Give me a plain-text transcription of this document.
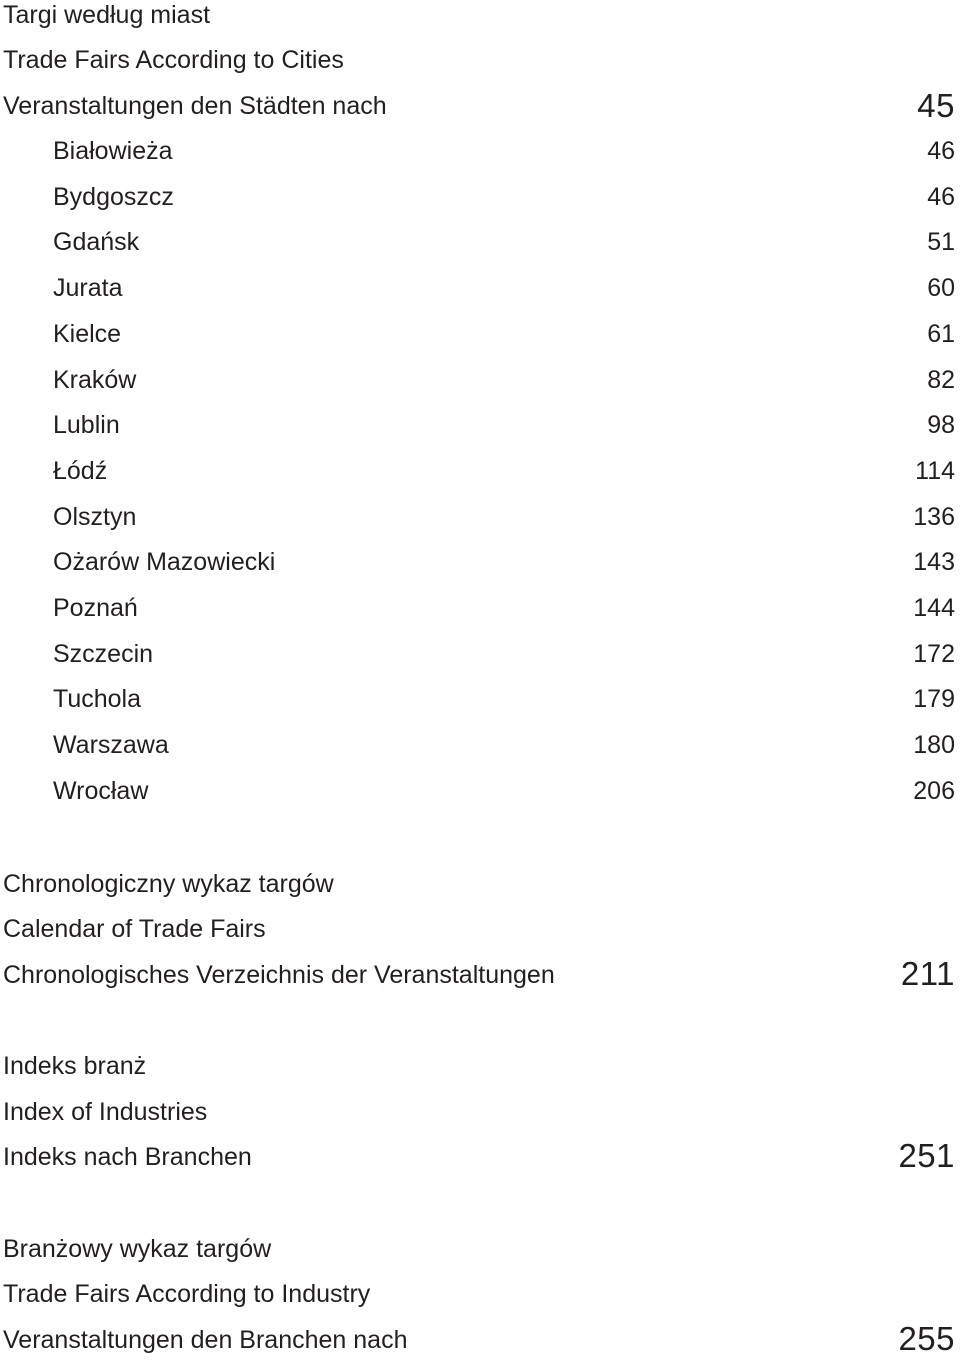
Targi według miast
Trade Fairs According to Cities
Veranstaltungen den Städten nach	45
Białowieża	46
Bydgoszcz	46
Gdańsk	51
Jurata	60
Kielce	61
Kraków	82
Lublin	98
Łódź	114
Olsztyn	136
Ożarów Mazowiecki	143
Poznań	144
Szczecin	172
Tuchola	179
Warszawa	180
Wrocław	206
Chronologiczny wykaz targów
Calendar of Trade Fairs
Chronologisches Verzeichnis der Veranstaltungen	211
Indeks branż
Index of Industries
Indeks nach Branchen	251
Branżowy wykaz targów
Trade Fairs According to Industry
Veranstaltungen den Branchen nach	255
